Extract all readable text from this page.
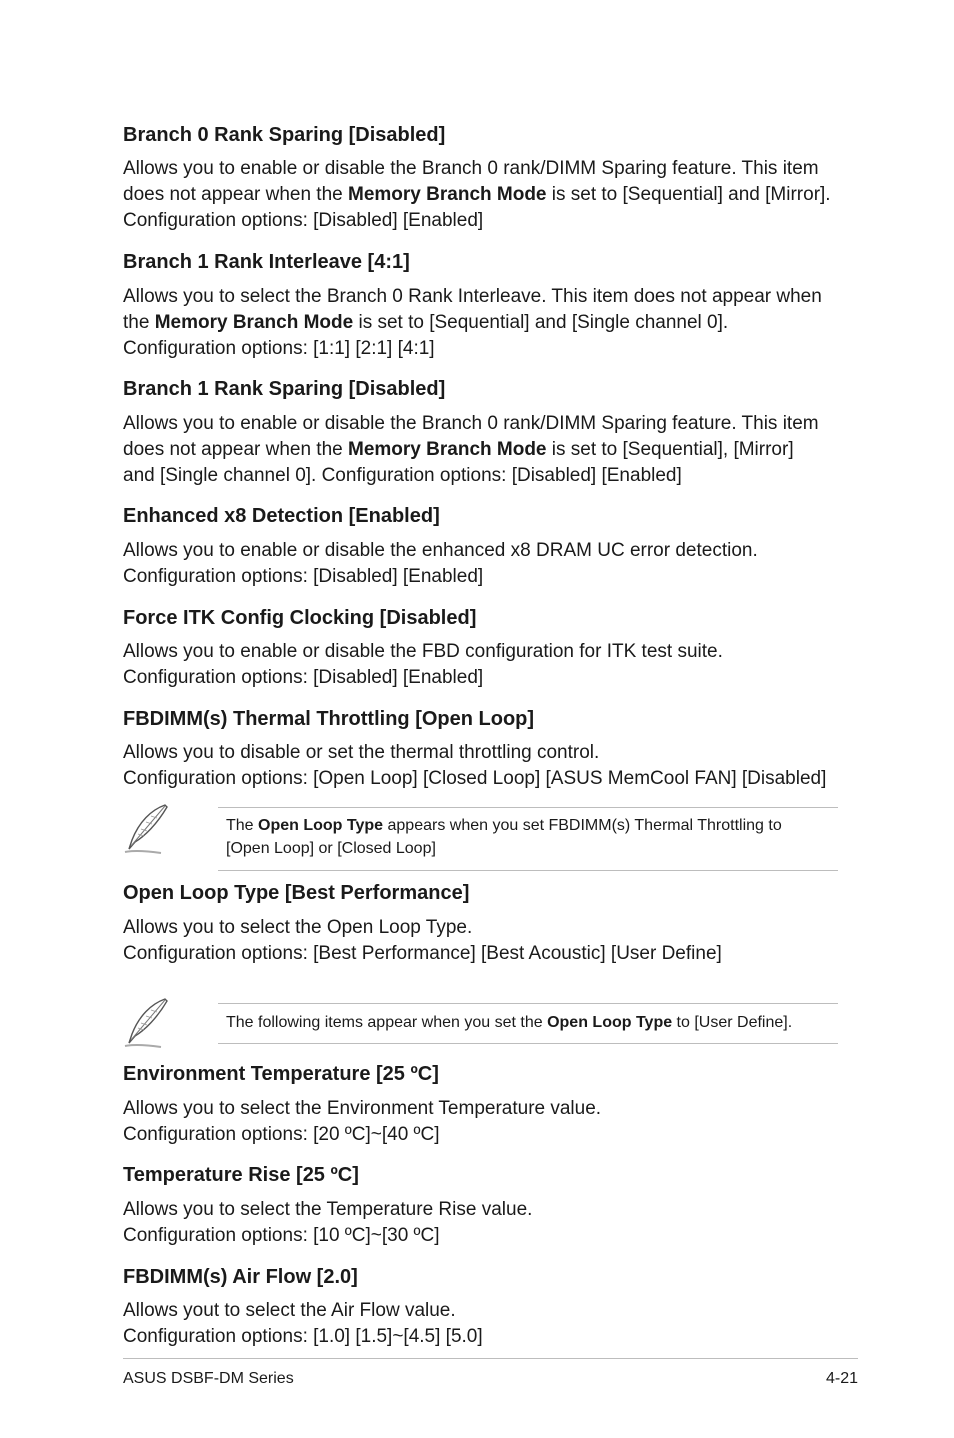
Branch 0 Rank Sparing [Disabled]
Allows you to enable or disable the Branch 0 rank/DIMM Sparing feature. This item
does not appear when the Memory Branch Mode is set to [Sequential] and [Mirror].
Configuration options: [Disabled] [Enabled]
Branch 1 Rank Interleave [4:1]
Allows you to select the Branch 0 Rank Interleave. This item does not appear when
the Memory Branch Mode is set to [Sequential] and [Single channel 0].
Configuration options: [1:1] [2:1] [4:1]
Branch 1 Rank Sparing [Disabled]
Allows you to enable or disable the Branch 0 rank/DIMM Sparing feature. This item
does not appear when the Memory Branch Mode is set to [Sequential], [Mirror]
and [Single channel 0]. Configuration options: [Disabled] [Enabled]
Enhanced x8 Detection [Enabled]
Allows you to enable or disable the enhanced x8 DRAM UC error detection.
Configuration options: [Disabled] [Enabled]
Force ITK Config Clocking [Disabled]
Allows you to enable or disable the FBD configuration for ITK test suite.
Configuration options: [Disabled] [Enabled]
FBDIMM(s) Thermal Throttling [Open Loop]
Allows you to disable or set the thermal throttling control.
Configuration options: [Open Loop] [Closed Loop] [ASUS MemCool FAN] [Disabled]
The Open Loop Type appears when you set FBDIMM(s) Thermal Throttling to
[Open Loop] or [Closed Loop]
Open Loop Type [Best Performance]
Allows you to select the Open Loop Type.
Configuration options: [Best Performance] [Best Acoustic] [User Define]
The following items appear when you set the Open Loop Type to [User Define].
Environment Temperature [25 ºC]
Allows you to select the Environment Temperature value.
Configuration options: [20 ºC]~[40 ºC]
Temperature Rise [25 ºC]
Allows you to select the Temperature Rise value.
Configuration options: [10 ºC]~[30 ºC]
FBDIMM(s) Air Flow [2.0]
Allows yout to select the Air Flow value.
Configuration options: [1.0] [1.5]~[4.5] [5.0]
ASUS DSBF-DM Series	4-21
